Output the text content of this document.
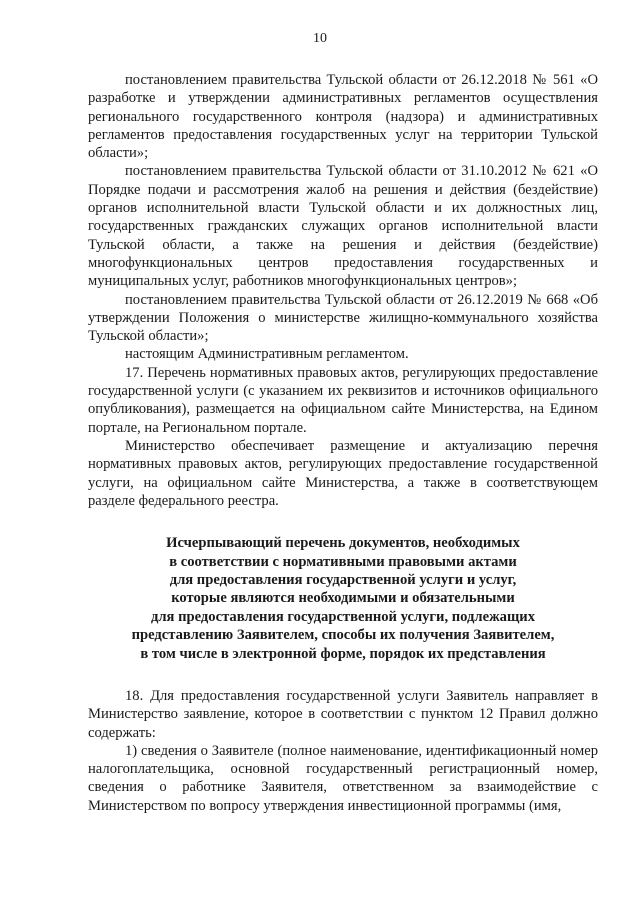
10

постановлением правительства Тульской области от 26.12.2018 № 561 «О разработке и утверждении административных регламентов осуществления регионального государственного контроля (надзора) и административных регламентов предоставления государственных услуг на территории Тульской области»;

постановлением правительства Тульской области от 31.10.2012 № 621 «О Порядке подачи и рассмотрения жалоб на решения и действия (бездействие) органов исполнительной власти Тульской области и их должностных лиц, государственных гражданских служащих органов исполнительной власти Тульской области, а также на решения и действия (бездействие) многофункциональных центров предоставления государственных и муниципальных услуг, работников многофункциональных центров»;

постановлением правительства Тульской области от 26.12.2019 № 668 «Об утверждении Положения о министерстве жилищно-коммунального хозяйства Тульской области»;

настоящим Административным регламентом.

17. Перечень нормативных правовых актов, регулирующих предоставление государственной услуги (с указанием их реквизитов и источников официального опубликования), размещается на официальном сайте Министерства, на Едином портале, на Региональном портале.

Министерство обеспечивает размещение и актуализацию перечня нормативных правовых актов, регулирующих предоставление государственной услуги, на официальном сайте Министерства, а также в соответствующем разделе федерального реестра.

Исчерпывающий перечень документов, необходимых
в соответствии с нормативными правовыми актами
для предоставления государственной услуги и услуг,
которые являются необходимыми и обязательными
для предоставления государственной услуги, подлежащих
представлению Заявителем, способы их получения Заявителем,
в том числе в электронной форме, порядок их представления

18. Для предоставления государственной услуги Заявитель направляет в Министерство заявление, которое в соответствии с пунктом 12 Правил должно содержать:

1) сведения о Заявителе (полное наименование, идентификационный номер налогоплательщика, основной государственный регистрационный номер, сведения о работнике Заявителя, ответственном за взаимодействие с Министерством по вопросу утверждения инвестиционной программы (имя,
